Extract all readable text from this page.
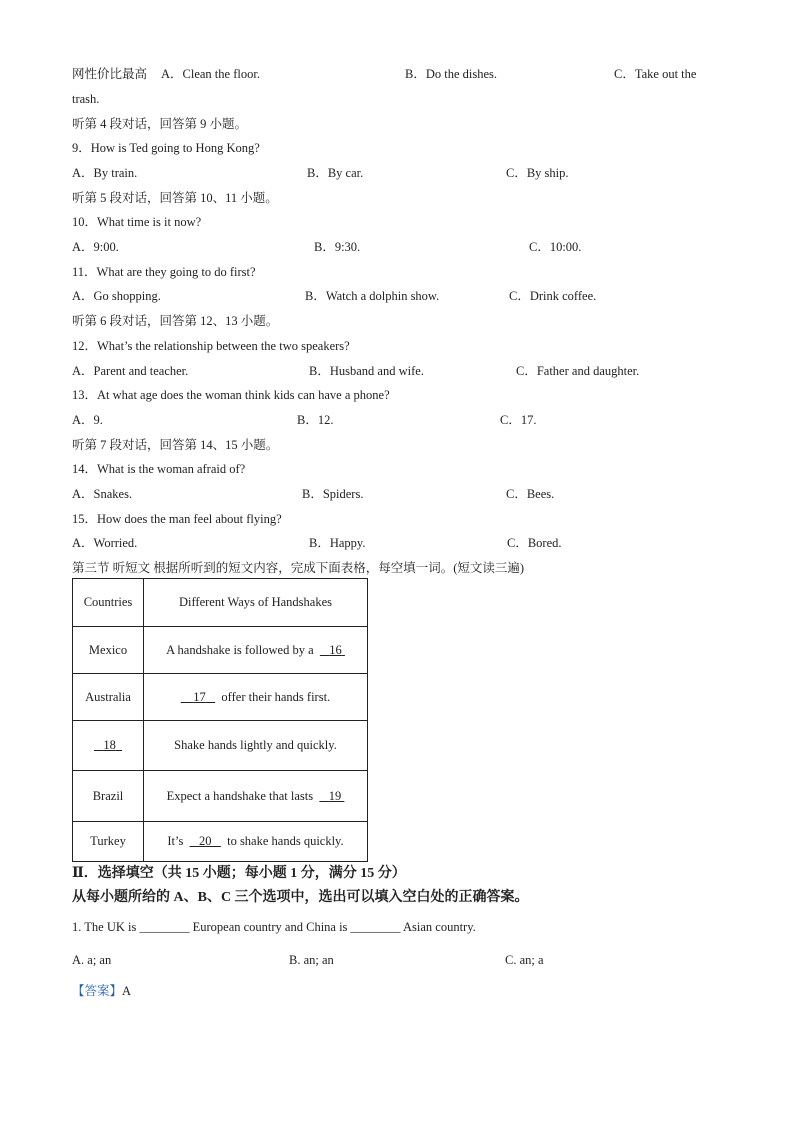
网性价比最高 A．Clean the floor.	B．Do the dishes.	C．Take out the
trash.
听第 4 段对话，回答第 9 小题。
9．How is Ted going to Hong Kong?
A．By train.	B．By car.	C．By ship.
听第 5 段对话，回答第 10、11 小题。
10．What time is it now?
A．9:00.	B．9:30.	C．10:00.
11．What are they going to do first?
A．Go shopping.	B．Watch a dolphin show.	C．Drink coffee.
听第 6 段对话，回答第 12、13 小题。
12．What’s the relationship between the two speakers?
A．Parent and teacher.	B．Husband and wife.	C．Father and daughter.
13．At what age does the woman think kids can have a phone?
A．9.	B．12.	C．17.
听第 7 段对话，回答第 14、15 小题。
14．What is the woman afraid of?
A．Snakes.	B．Spiders.	C．Bees.
15．How does the man feel about flying?
A．Worried.	B．Happy.	C．Bored.
第三节 听短文 根据所听到的短文内容，完成下面表格，每空填一词。(短文读三遍)
Countries	Different Ways of Handshakes
Mexico	A handshake is followed by a 16
Australia	17 offer their hands first.
18	Shake hands lightly and quickly.
Brazil	Expect a handshake that lasts 19
Turkey	It’s 20 to shake hands quickly.
Ⅱ．选择填空（共 15 小题；每小题 1 分，满分 15 分）
从每小题所给的 A、B、C 三个选项中，选出可以填入空白处的正确答案。
1. The UK is ________ European country and China is ________ Asian country.
A. a; an	B. an; an	C. an; a
【答案】A
